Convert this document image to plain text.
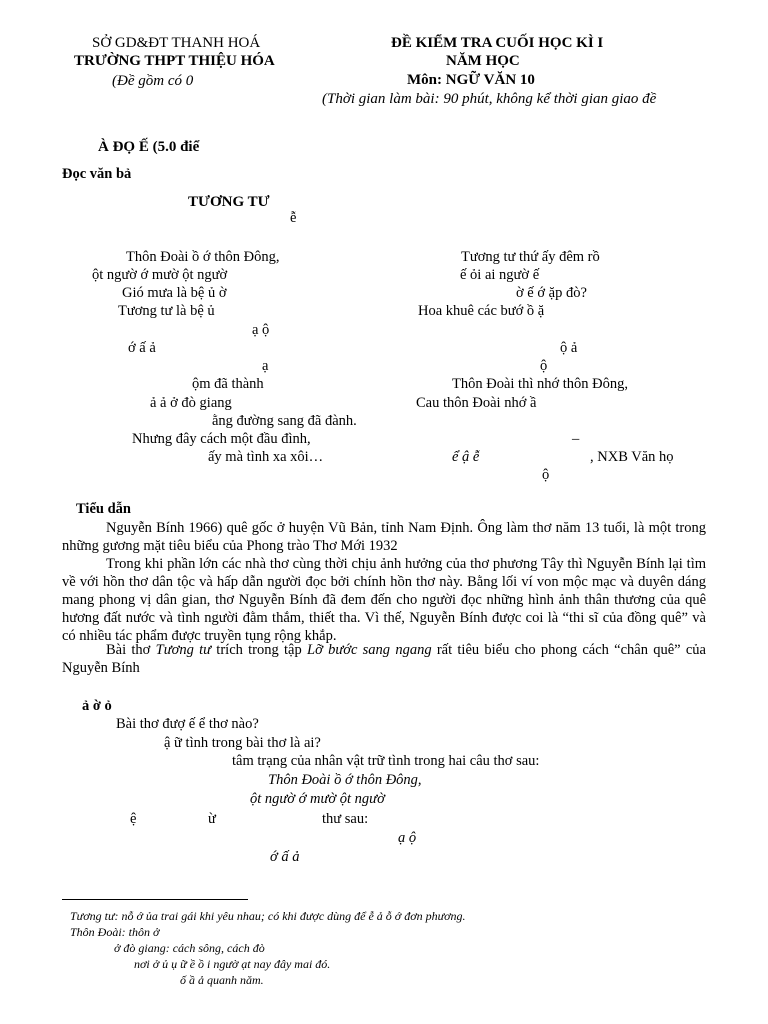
SỞ GD&ĐT THANH HOÁ
TRƯỜNG THPT THIỆU HÓA
(Đề gồm có 0
ĐỀ KIỂM TRA CUỐI HỌC KÌ I
NĂM HỌC
Môn: NGỮ VĂN 10
(Thời gian làm bài: 90 phút, không kể thời gian giao đề
À ĐỌ Ế (5.0 điể
Đọc văn bả
TƯƠNG TƯ
ễ
Thôn Đoài ồ ớ thôn Đông,
ột ngườ ớ mườ ột ngườ
Gió mưa là bệ ủ ờ
Tương tư là bệ ủ
ạ ộ
ớ ấ ả
ạ
ộm đã thành
ả ả ở đò giang
ằng đường sang đã đành.
Nhưng đây cách một đầu đình,
ấy mà tình xa xôi…
Tương tư thứ ấy đêm rồ
ế ỏi ai ngườ ế
ờ ế ớ ặp đò?
Hoa khuê các bướ ồ ặ
ộ ả
ộ
Thôn Đoài thì nhớ thôn Đông,
Cau thôn Đoài nhớ ầ
–
ể ậ ễ	, NXB Văn họ
ộ
Tiểu dẫn
Nguyễn Bính 1966) quê gốc ở huyện Vũ Bản, tỉnh Nam Định. Ông làm thơ năm 13 tuổi, là một trong những gương mặt tiêu biểu của Phong trào Thơ Mới 1932
Trong khi phần lớn các nhà thơ cùng thời chịu ảnh hưởng của thơ phương Tây thì Nguyễn Bính lại tìm về với hồn thơ dân tộc và hấp dẫn người đọc bởi chính hồn thơ này. Bằng lối ví von mộc mạc và duyên dáng mang phong vị dân gian, thơ Nguyễn Bính đã đem đến cho người đọc những hình ảnh thân thương của quê hương đất nước và tình người đằm thắm, thiết tha. Vì thế, Nguyễn Bính được coi là “thi sĩ của đồng quê” và có nhiều tác phẩm được truyền tụng rộng khắp.
Bài thơ Tương tư trích trong tập Lỡ bước sang ngang rất tiêu biểu cho phong cách “chân quê” của Nguyễn Bính
ả ờ ỏ
Bài thơ đượ ế ể thơ nào?
ậ ữ tình trong bài thơ là ai?
tâm trạng của nhân vật trữ tình trong hai câu thơ sau:
Thôn Đoài ồ ớ thôn Đông,
ột ngườ ớ mườ ột ngườ
ệ	ừ	thư sau:
ạ ộ
ớ ấ ả
Tương tư: nỗ ớ ủa trai gái khi yêu nhau; có khi được dùng để ễ ả ỗ ớ đơn phương.
Thôn Đoài: thôn ở
ở đò giang: cách sông, cách đò
nơi ở ủ ụ ữ ề ồ i ngườ ạt nay đây mai đó.
ố ầ ả quanh năm.
